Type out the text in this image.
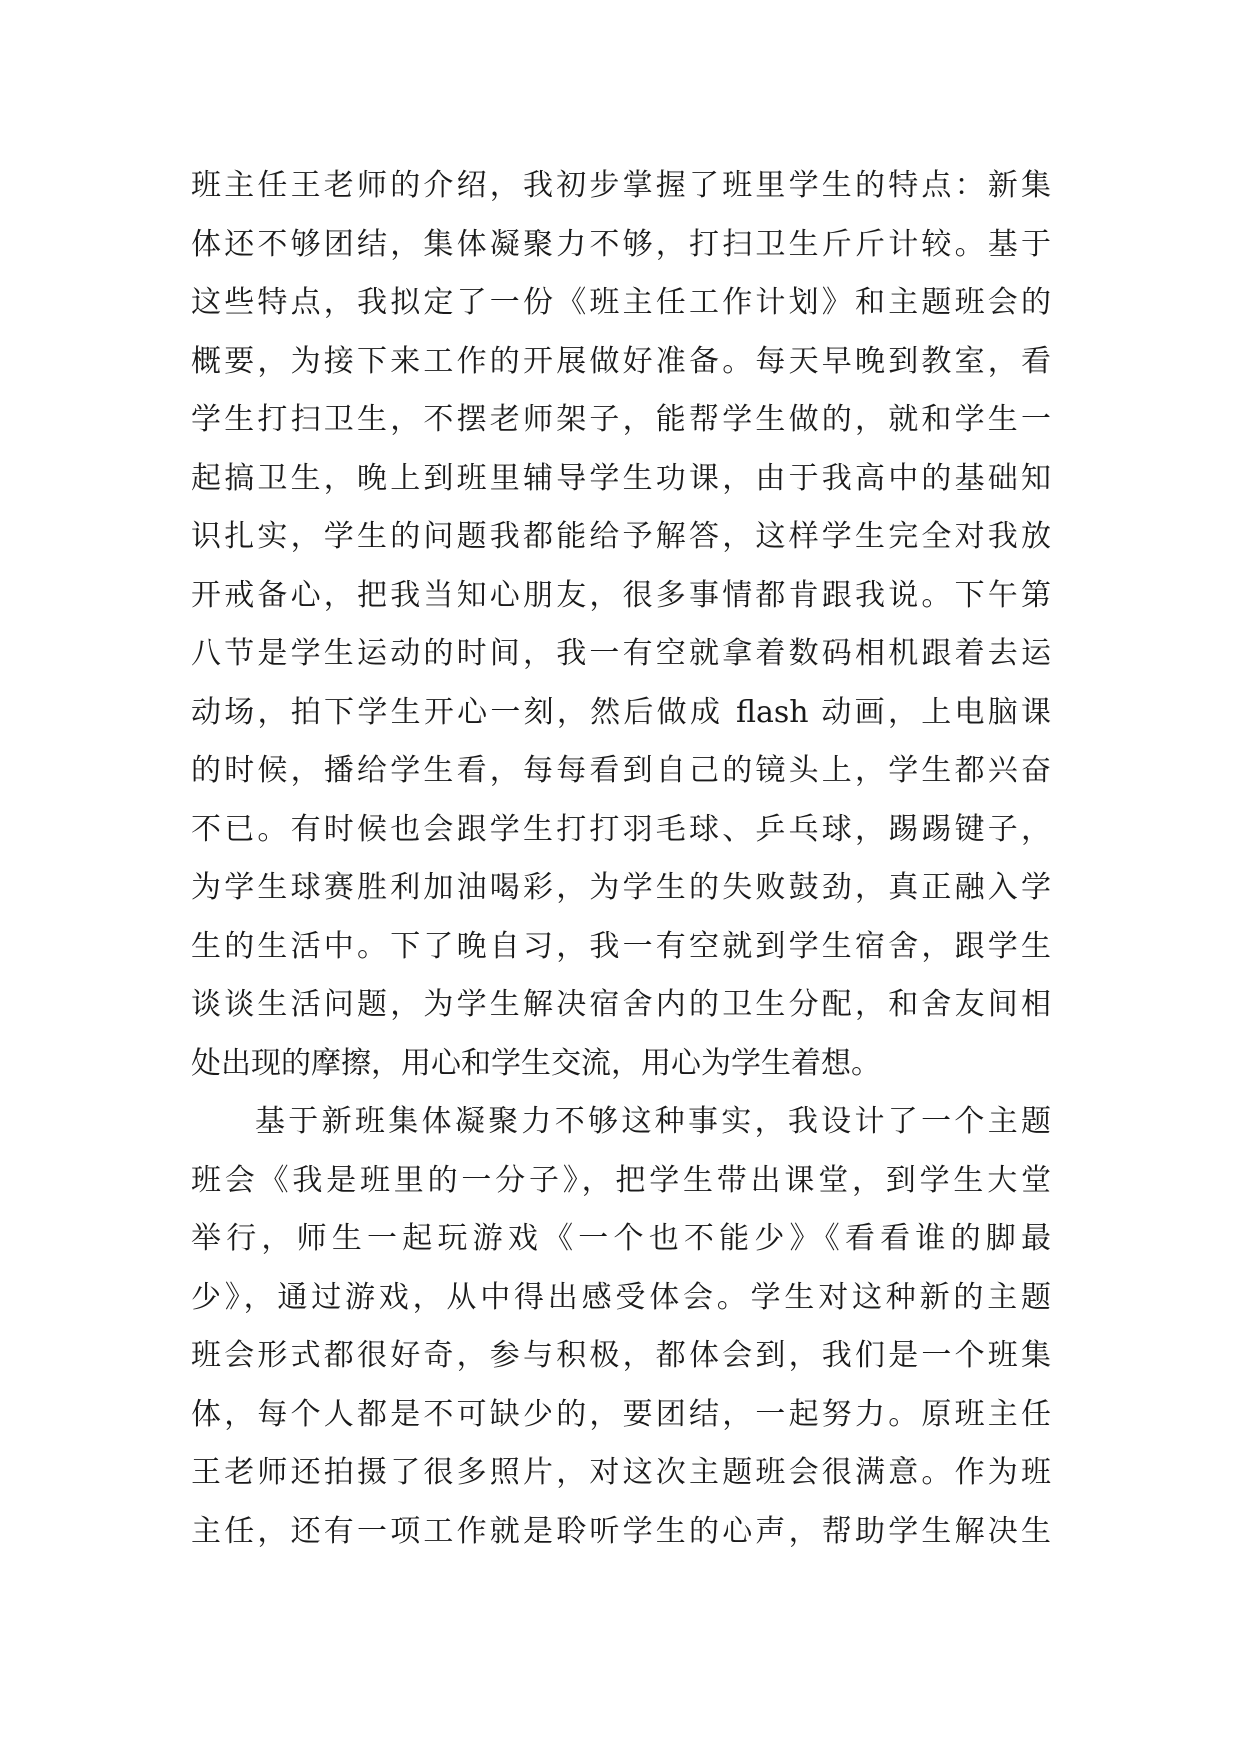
班主任王老师的介绍，我初步掌握了班里学生的特点：新集
体还不够团结，集体凝聚力不够，打扫卫生斤斤计较。基于
这些特点，我拟定了一份《班主任工作计划》和主题班会的
概要，为接下来工作的开展做好准备。每天早晚到教室，看
学生打扫卫生，不摆老师架子，能帮学生做的，就和学生一
起搞卫生，晚上到班里辅导学生功课，由于我高中的基础知
识扎实，学生的问题我都能给予解答，这样学生完全对我放
开戒备心，把我当知心朋友，很多事情都肯跟我说。下午第
八节是学生运动的时间，我一有空就拿着数码相机跟着去运
动场，拍下学生开心一刻，然后做成 flash 动画，上电脑课
的时候，播给学生看，每每看到自己的镜头上，学生都兴奋
不已。有时候也会跟学生打打羽毛球、乒乓球，踢踢键子，
为学生球赛胜利加油喝彩，为学生的失败鼓劲，真正融入学
生的生活中。下了晚自习，我一有空就到学生宿舍，跟学生
谈谈生活问题，为学生解决宿舍内的卫生分配，和舍友间相
处出现的摩擦，用心和学生交流，用心为学生着想。
基于新班集体凝聚力不够这种事实，我设计了一个主题
班会《我是班里的一分子》，把学生带出课堂，到学生大堂
举行，师生一起玩游戏《一个也不能少》《看看谁的脚最
少》，通过游戏，从中得出感受体会。学生对这种新的主题
班会形式都很好奇，参与积极，都体会到，我们是一个班集
体，每个人都是不可缺少的，要团结，一起努力。原班主任
王老师还拍摄了很多照片，对这次主题班会很满意。作为班
主任，还有一项工作就是聆听学生的心声，帮助学生解决生
